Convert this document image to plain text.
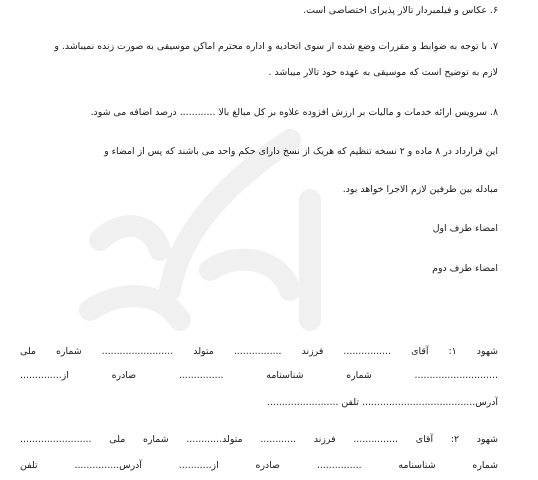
۶. عکاس و فیلمبردار تالار پذیرای اختصاصی است.
۷. با توجه به ضوابط و مقررات وضع شده از سوی اتحادیه و اداره محترم اماکن موسیقی به صورت زنده نمیباشد. و
لازم به توضیح است که موسیقی به عهده خود تالار میباشد .
۸. سرویس ارائه خدمات و مالیات بر ارزش افزوده علاوه بر کل مبالغ بالا ............ درصد اضافه می شود.
این قرارداد در ۸ ماده و ۲ نسخه تنظیم که هریک از نسخ دارای حکم واحد می باشند که پس از امضاء و
مبادله بین طرفین لازم الاجرا خواهد بود.
امضاء طرف اول
امضاء طرف دوم
شهود ۱: آقای ................ فرزند ................ متولد ........................ شماره ملی
............................ شماره شناسنامه ............... صادره از..............
آدرس...................................... تلفن ........................
شهود ۲: آقای ............... فرزند ............ متولد............ شماره ملی ........................
شماره شناسنامه ............... صادره از........... آدرس............... تلفن
